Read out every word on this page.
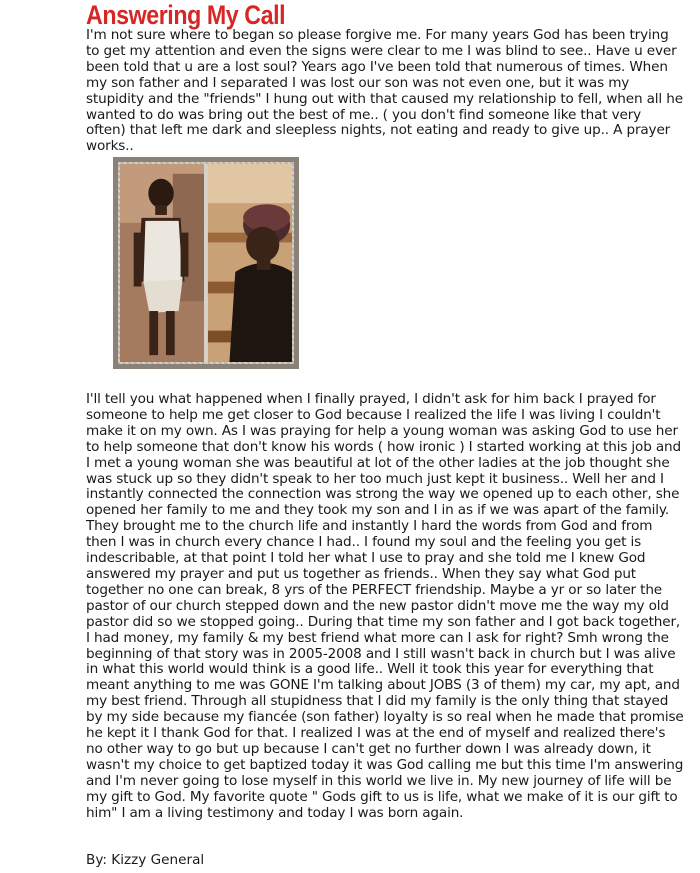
Answering My Call

I'm not sure where to began so please forgive me. For many years God has been trying to get my attention and even the signs were clear to me I was blind to see.. Have u ever been told that u are a lost soul? Years ago I've been told that numerous of times. When my son father and I separated I was lost our son was not even one, but it was my stupidity and the "friends" I hung out with that caused my relationship to fell, when all he wanted to do was bring out the best of me.. ( you don't find someone like that very often) that left me dark and sleepless nights, not eating and ready to give up.. A prayer works..

I'll tell you what happened when I finally prayed, I didn't ask for him back I prayed for someone to help me get closer to God because I realized the life I was living I couldn't make it on my own. As I was praying for help a young woman was asking God to use her to help someone that don't know his words ( how ironic ) I started working at this job and I met a young woman she was beautiful at lot of the other ladies at the job thought she was stuck up so they didn't speak to her too much just kept it business.. Well her and I instantly connected the connection was strong the way we opened up to each other, she opened her family to me and they took my son and I in as if we was apart of the family. They brought me to the church life and instantly I hard the words from God and from then I was in church every chance I had.. I found my soul and the feeling you get is indescribable, at that point I told her what I use to pray and she told me I knew God answered my prayer and put us together as friends.. When they say what God put together no one can break, 8 yrs of the PERFECT friendship. Maybe a yr or so later the pastor of our church stepped down and the new pastor didn't move me the way my old pastor did so we stopped going.. During that time my son father and I got back together, I had money, my family & my best friend what more can I ask for right? Smh wrong the beginning of that story was in 2005-2008 and I still wasn't back in church but I was alive in what this world would think is a good life.. Well it took this year for everything that meant anything to me was GONE I'm talking about JOBS (3 of them) my car, my apt, and my best friend. Through all stupidness that I did my family is the only thing that stayed by my side because my fiancée (son father) loyalty is so real when he made that promise he kept it I thank God for that. I realized I was at the end of myself and realized there's no other way to go but up because I can't get no further down I was already down, it wasn't my choice to get baptized today it was God calling me but this time I'm answering and I'm never going to lose myself in this world we live in. My new journey of life will be my gift to God. My favorite quote " Gods gift to us is life, what we make of it is our gift to him" I am a living testimony and today I was born again.

By: Kizzy General
